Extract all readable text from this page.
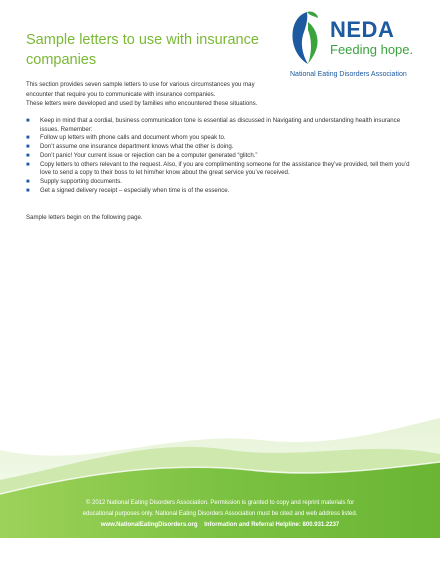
Sample letters to use with insurance companies
NEDA
Feeding hope.
National Eating Disorders Association

This section provides seven sample letters to use for various circumstances you may

encounter that require you to communicate with insurance companies.

These letters were developed and used by families who encountered these situations.

■ Keep in mind that a cordial, business communication tone is essential as discussed in Navigating and understanding health insurance issues. Remember:
■ Follow up letters with phone calls and document whom you speak to.
■ Don’t assume one insurance department knows what the other is doing.
■ Don’t panic! Your current issue or rejection can be a computer generated “glitch.”
■ Copy letters to others relevant to the request. Also, if you are complimenting someone for the assistance they’ve provided, tell them you’d love to send a copy to their boss to let him/her know about the great service you’ve received.
■ Supply supporting documents.
■ Get a signed delivery receipt – especially when time is of the essence.

Sample letters begin on the following page.

© 2012 National Eating Disorders Association. Permission is granted to copy and reprint materials for

educational purposes only. National Eating Disorders Association must be cited and web address listed.

www.NationalEatingDisorders.org Information and Referral Helpline: 800.931.2237
